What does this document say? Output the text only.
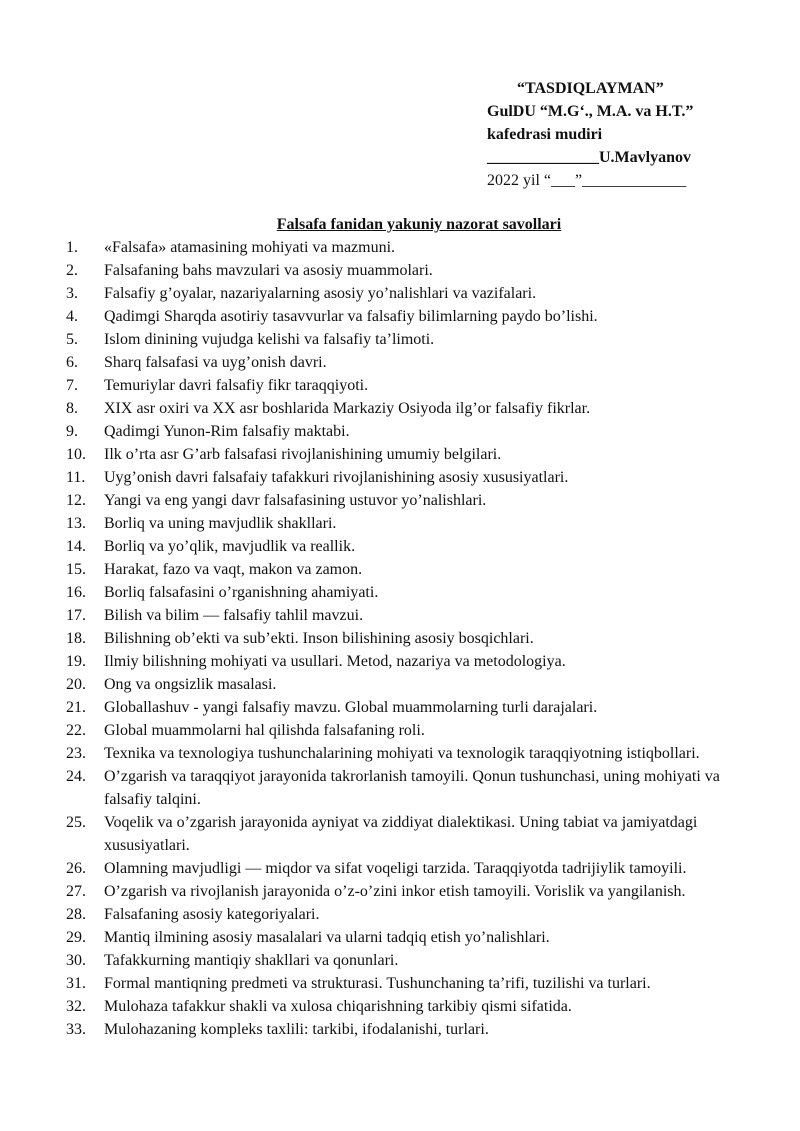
“TASDIQLAYMAN”
GulDU “M.G‘., M.A. va H.T.”
kafedrasi mudiri
______________U.Mavlyanov
2022 yil “___”_____________
Falsafa fanidan yakuniy nazorat savollari
1.	«Falsafa» atamasining mohiyati va mazmuni.
2.	Falsafaning bahs mavzulari va asosiy muammolari.
3.	Falsafiy g’oyalar, nazariyalarning asosiy yo’nalishlari va vazifalari.
4.	Qadimgi Sharqda asotiriy tasavvurlar va falsafiy bilimlarning paydo bo’lishi.
5.	Islom dinining vujudga kelishi va falsafiy ta’limoti.
6.	Sharq falsafasi va uyg’onish davri.
7.	Temuriylar davri falsafiy fikr taraqqiyoti.
8.	XIX asr oxiri va XX asr boshlarida Markaziy Osiyoda ilg’or falsafiy fikrlar.
9.	Qadimgi Yunon-Rim falsafiy maktabi.
10.	Ilk o’rta asr G’arb falsafasi rivojlanishining umumiy belgilari.
11.	Uyg’onish davri falsafaiy tafakkuri rivojlanishining asosiy xususiyatlari.
12.	Yangi va eng yangi davr falsafasining ustuvor yo’nalishlari.
13.	Borliq va uning mavjudlik shakllari.
14.	Borliq va yo’qlik, mavjudlik va reallik.
15.	Harakat, fazo va vaqt, makon va zamon.
16.	Borliq falsafasini o’rganishning ahamiyati.
17.	Bilish va bilim — falsafiy tahlil mavzui.
18.	Bilishning ob’ekti va sub’ekti. Inson bilishining asosiy bosqichlari.
19.	Ilmiy bilishning mohiyati va usullari. Metod, nazariya va metodologiya.
20.	Ong va ongsizlik masalasi.
21.	Globallashuv - yangi falsafiy mavzu. Global muammolarning turli darajalari.
22.	Global muammolarni hal qilishda falsafaning roli.
23.	Texnika va texnologiya tushunchalarining mohiyati va texnologik taraqqiyotning istiqbollari.
24.	O’zgarish va taraqqiyot jarayonida takrorlanish tamoyili. Qonun tushunchasi, uning mohiyati va falsafiy talqini.
25.	Voqelik va o’zgarish jarayonida ayniyat va ziddiyat dialektikasi. Uning tabiat va jamiyatdagi xususiyatlari.
26.	Olamning mavjudligi — miqdor va sifat voqeligi tarzida. Taraqqiyotda tadrijiylik tamoyili.
27.	O’zgarish va rivojlanish jarayonida o’z-o’zini inkor etish tamoyili. Vorislik va yangilanish.
28.	Falsafaning asosiy kategoriyalari.
29.	Mantiq ilmining asosiy masalalari va ularni tadqiq etish yo’nalishlari.
30.	Tafakkurning mantiqiy shakllari va qonunlari.
31.	Formal mantiqning predmeti va strukturasi. Tushunchaning ta’rifi, tuzilishi va turlari.
32.	Mulohaza tafakkur shakli va xulosa chiqarishning tarkibiy qismi sifatida.
33.	Mulohazaning kompleks taxlili: tarkibi, ifodalanishi, turlari.
